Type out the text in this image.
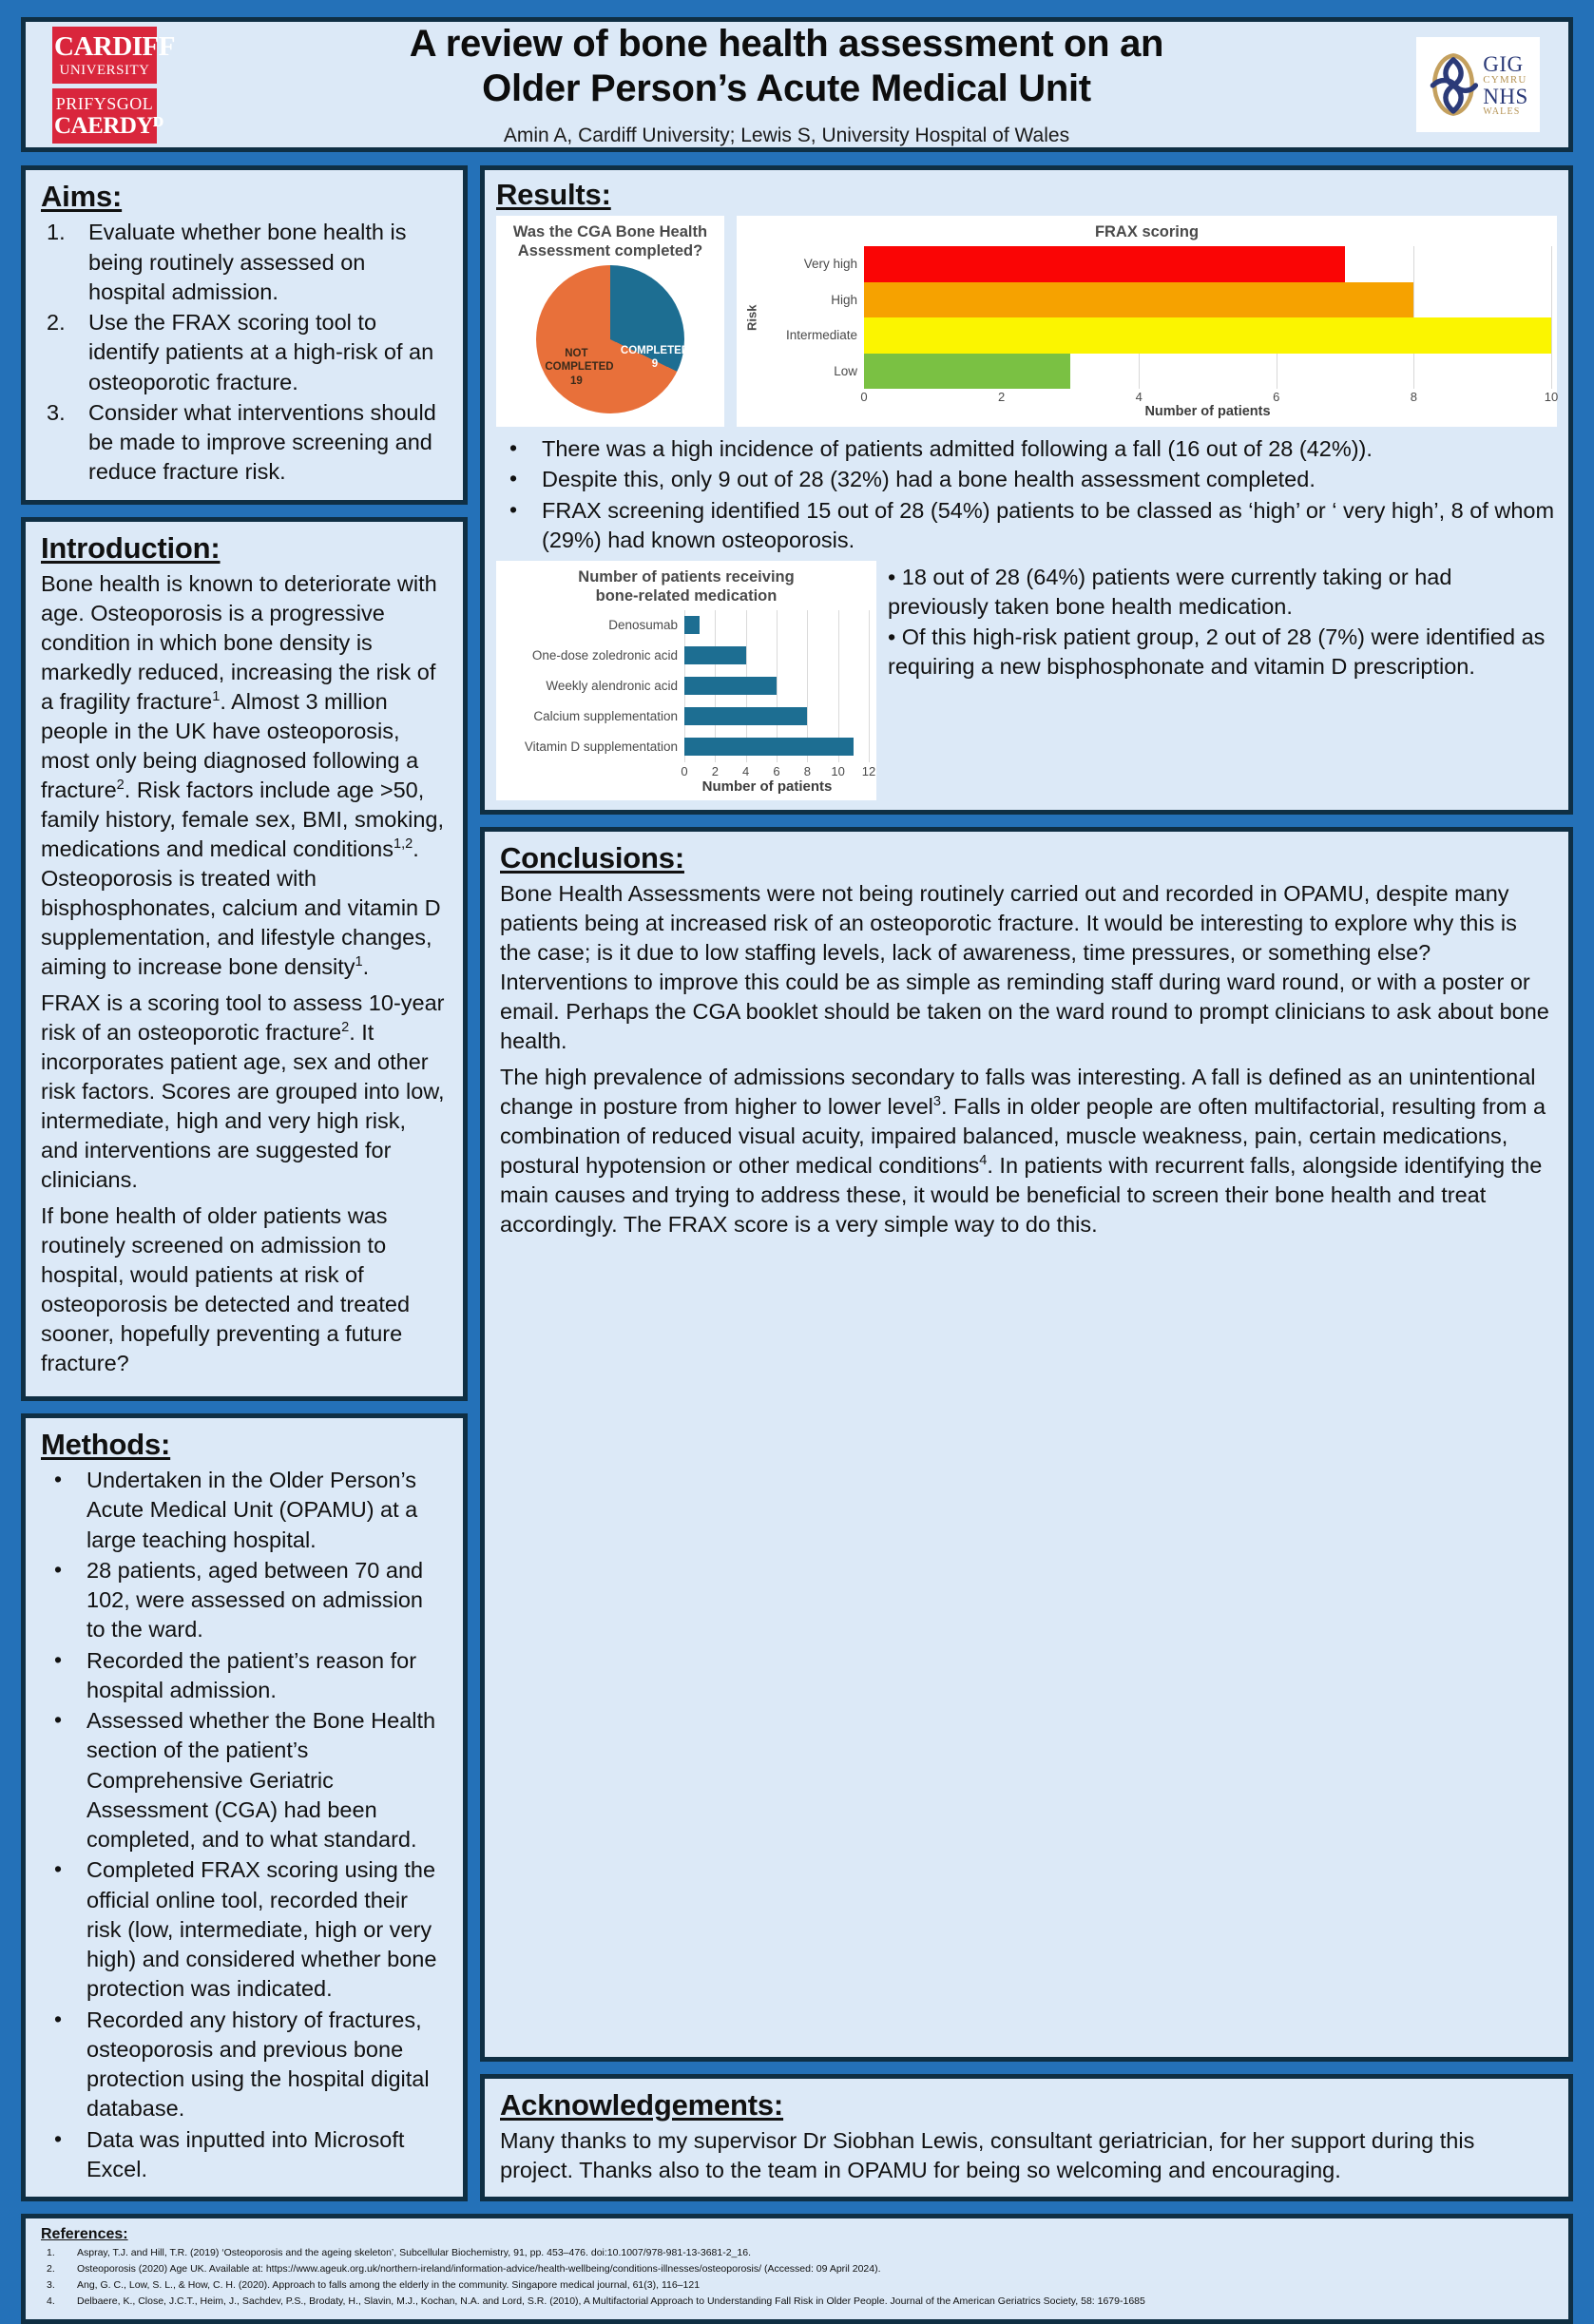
CARDIFF
UNIVERSITY
PRIFYSGOL
CAERDYᴰ
A review of bone health assessment on an
Older Person’s Acute Medical Unit
Amin A, Cardiff University; Lewis S, University Hospital of Wales
GIG
CYMRU
NHS
WALES
Aims:
Evaluate whether bone health is being routinely assessed on hospital admission.
Use the FRAX scoring tool to identify patients at a high-risk of an osteoporotic fracture.
Consider what interventions should be made to improve screening and reduce fracture risk.
Introduction:

Bone health is known to deteriorate with age. Osteoporosis is a progressive condition in which bone density is markedly reduced, increasing the risk of a fragility fracture$^1$. Almost 3 million people in the UK have osteoporosis, most only being diagnosed following a fracture$^2$. Risk factors include age >50, family history, female sex, BMI, smoking, medications and medical conditions$^{1,2}$. Osteoporosis is treated with bisphosphonates, calcium and vitamin D supplementation, and lifestyle changes, aiming to increase bone density$^1$.

FRAX is a scoring tool to assess 10-year risk of an osteoporotic fracture$^2$. It incorporates patient age, sex and other risk factors. Scores are grouped into low, intermediate, high and very high risk, and interventions are suggested for clinicians.

If bone health of older patients was routinely screened on admission to hospital, would patients at risk of osteoporosis be detected and treated sooner, hopefully preventing a future fracture?

Methods:
• Undertaken in the Older Person’s Acute Medical Unit (OPAMU) at a large teaching hospital.
• 28 patients, aged between 70 and 102, were assessed on admission to the ward.
• Recorded the patient’s reason for hospital admission.
• Assessed whether the Bone Health section of the patient’s Comprehensive Geriatric Assessment (CGA) had been completed, and to what standard.
• Completed FRAX scoring using the official online tool, recorded their risk (low, intermediate, high or very high) and considered whether bone protection was indicated.
• Recorded any history of fractures, osteoporosis and previous bone protection using the hospital digital database.
• Data was inputted into Microsoft Excel.
Results:
Was the CGA Bone Health Assessment completed?
COMPLETED
9
NOT COMPLETED
19
FRAX scoring
Risk
Very high
High
Intermediate
Low
0	2	4	6	8	10
Number of patients
• There was a high incidence of patients admitted following a fall (16 out of 28 (42%)).
• Despite this, only 9 out of 28 (32%) had a bone health assessment completed.
• FRAX screening identified 15 out of 28 (54%) patients to be classed as ‘high’ or ‘ very high’, 8 of whom (29%) had known osteoporosis.
Number of patients receiving
bone-related medication
Denosumab
One-dose zoledronic acid
Weekly alendronic acid
Calcium supplementation
Vitamin D supplementation
0 2 4 6 8 10 12
Number of patients

• 18 out of 28 (64%) patients were currently taking or had previously taken bone health medication.

• Of this high-risk patient group, 2 out of 28 (7%) were identified as requiring a new bisphosphonate and vitamin D prescription.

Conclusions:

Bone Health Assessments were not being routinely carried out and recorded in OPAMU, despite many patients being at increased risk of an osteoporotic fracture. It would be interesting to explore why this is the case; is it due to low staffing levels, lack of awareness, time pressures, or something else? Interventions to improve this could be as simple as reminding staff during ward round, or with a poster or email. Perhaps the CGA booklet should be taken on the ward round to prompt clinicians to ask about bone health.

The high prevalence of admissions secondary to falls was interesting. A fall is defined as an unintentional change in posture from higher to lower level$^3$. Falls in older people are often multifactorial, resulting from a combination of reduced visual acuity, impaired balanced, muscle weakness, pain, certain medications, postural hypotension or other medical conditions$^4$. In patients with recurrent falls, alongside identifying the main causes and trying to address these, it would be beneficial to screen their bone health and treat accordingly. The FRAX score is a very simple way to do this.

Acknowledgements:
Many thanks to my supervisor Dr Siobhan Lewis, consultant geriatrician, for her support during this project. Thanks also to the team in OPAMU for being so welcoming and encouraging.
References:
Aspray, T.J. and Hill, T.R. (2019) ‘Osteoporosis and the ageing skeleton’, Subcellular Biochemistry, 91, pp. 453–476. doi:10.1007/978-981-13-3681-2_16.
Osteoporosis (2020) Age UK. Available at: https://www.ageuk.org.uk/northern-ireland/information-advice/health-wellbeing/conditions-illnesses/osteoporosis/ (Accessed: 09 April 2024).
Ang, G. C., Low, S. L., & How, C. H. (2020). Approach to falls among the elderly in the community. Singapore medical journal, 61(3), 116–121
Delbaere, K., Close, J.C.T., Heim, J., Sachdev, P.S., Brodaty, H., Slavin, M.J., Kochan, N.A. and Lord, S.R. (2010), A Multifactorial Approach to Understanding Fall Risk in Older People. Journal of the American Geriatrics Society, 58: 1679-1685
